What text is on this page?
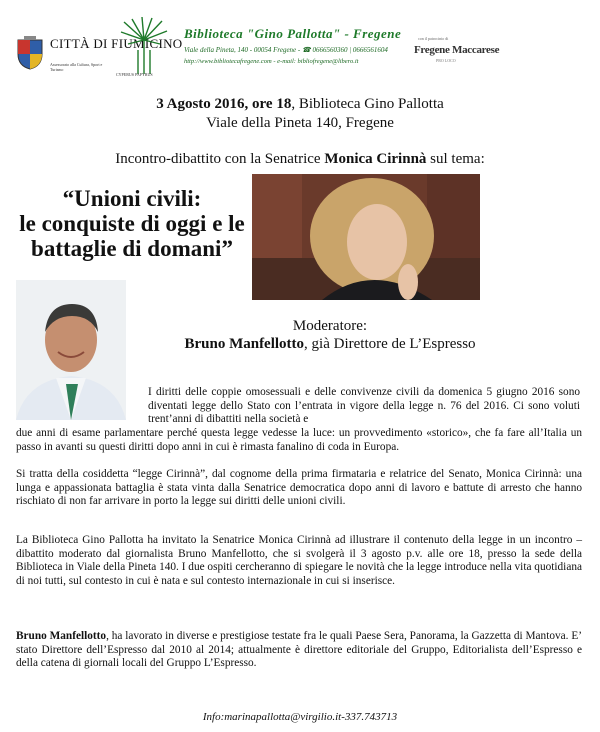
CITTÀ DI FIUMICINO
Assessorato alla Cultura, Sport e Turismo
CYPERUS PAPYRUS
Biblioteca "Gino Pallotta" - Fregene
Viale della Pineta, 140 - 00054 Fregene - ☎ 0666560360 | 0666561604
http://www.bibliotecafregene.com - e-mail: bibliofregene@libero.it
con il patrocinio di
Fregene Maccarese
PRO LOCO
3 Agosto 2016, ore 18, Biblioteca Gino Pallotta
Viale della Pineta 140, Fregene
Incontro-dibattito con la Senatrice Monica Cirinnà sul tema:
“Unioni civili:
le conquiste di oggi e le
battaglie di domani”
Moderatore:
Bruno Manfellotto, già Direttore de L’Espresso
I diritti delle coppie omosessuali e delle convivenze civili da domenica 5 giugno 2016 sono diventati legge dello Stato con l’entrata in vigore della legge n. 76 del 2016. Ci sono voluti trent’anni di dibattiti nella società e
due anni di esame parlamentare perché questa legge vedesse la luce: un provvedimento «storico», che fa fare all’Italia un passo in avanti su questi diritti dopo anni in cui è rimasta fanalino di coda in Europa.
Si tratta della cosiddetta “legge Cirinnà”, dal cognome della prima firmataria e relatrice del Senato, Monica Cirinnà: una lunga e appassionata battaglia è stata vinta dalla Senatrice democratica dopo anni di lavoro e battute di arresto che hanno rischiato di non far arrivare in porto la legge sui diritti delle unioni civili.
La Biblioteca Gino Pallotta ha invitato la Senatrice Monica Cirinnà ad illustrare il contenuto della legge in un incontro – dibattito moderato dal giornalista Bruno Manfellotto, che si svolgerà il 3 agosto p.v. alle ore 18, presso la sede della Biblioteca in Viale della Pineta 140. I due ospiti cercheranno di spiegare le novità che la legge introduce nella vita quotidiana di noi tutti, sul contesto in cui è nata e sul contesto internazionale in cui si inserisce.
Bruno Manfellotto, ha lavorato in diverse e prestigiose testate fra le quali Paese Sera, Panorama, la Gazzetta di Mantova. E’ stato Direttore dell’Espresso dal 2010 al 2014; attualmente è direttore editoriale del Gruppo, Editorialista dell’Espresso e della catena di giornali locali del Gruppo L’Espresso.
Info:marinapallotta@virgilio.it-337.743713
